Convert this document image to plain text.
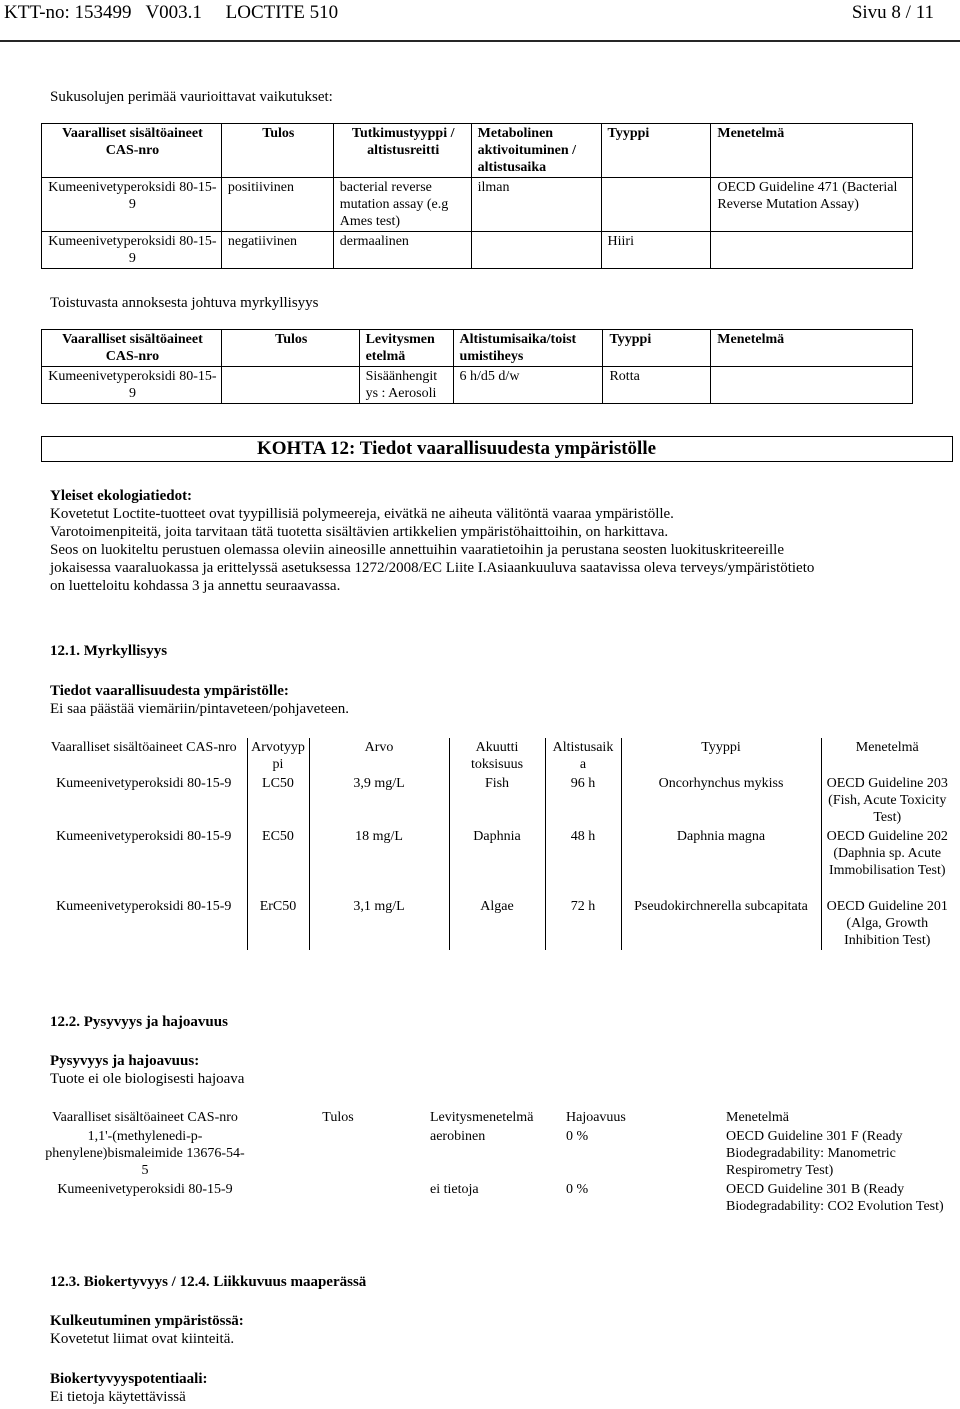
KTT-no: 153499   V003.1     LOCTITE 510	Sivu 8 / 11
Sukusolujen perimää vaurioittavat vaikutukset:
Vaaralliset sisältöaineet CAS-nro	Tulos	Tutkimustyyppi / altistusreitti	Metabolinen aktivoituminen / altistusaika	Tyyppi	Menetelmä
Kumeenivetyperoksidi 80-15-9	positiivinen	bacterial reverse mutation assay (e.g Ames test)	ilman		OECD Guideline 471 (Bacterial Reverse Mutation Assay)
Kumeenivetyperoksidi 80-15-9	negatiivinen	dermaalinen		Hiiri	
Toistuvasta annoksesta johtuva myrkyllisyys
Vaaralliset sisältöaineet CAS-nro	Tulos	Levitysmen etelmä	Altistumisaika/toist umistiheys	Tyyppi	Menetelmä
Kumeenivetyperoksidi 80-15-9		Sisäänhengit ys : Aerosoli	6 h/d5 d/w	Rotta	
KOHTA 12: Tiedot vaarallisuudesta ympäristölle
Yleiset ekologiatiedot:
Kovetetut Loctite-tuotteet ovat tyypillisiä polymeereja, eivätkä ne aiheuta välitöntä vaaraa ympäristölle.
Varotoimenpiteitä, joita tarvitaan tätä tuotetta sisältävien artikkelien ympäristöhaittoihin, on harkittava.
Seos on luokiteltu perustuen olemassa oleviin aineosille annettuihin vaaratietoihin ja perustana seosten luokituskriteereille
jokaisessa vaaraluokassa ja erittelyssä asetuksessa 1272/2008/EC Liite I.Asiaankuuluva saatavissa oleva terveys/ympäristötieto
on luetteloitu kohdassa 3 ja annettu seuraavassa.
12.1. Myrkyllisyys
Tiedot vaarallisuudesta ympäristölle:
Ei saa päästää viemäriin/pintaveteen/pohjaveteen.
Vaaralliset sisältöaineet CAS-nro	Arvotyyp pi	Arvo	Akuutti toksisuus	Altistusaik a	Tyyppi	Menetelmä
Kumeenivetyperoksidi 80-15-9	LC50	3,9 mg/L	Fish	96 h	Oncorhynchus mykiss	OECD Guideline 203 (Fish, Acute Toxicity Test)
Kumeenivetyperoksidi 80-15-9	EC50	18 mg/L	Daphnia	48 h	Daphnia magna	OECD Guideline 202 (Daphnia sp. Acute Immobilisation Test)
Kumeenivetyperoksidi 80-15-9	ErC50	3,1 mg/L	Algae	72 h	Pseudokirchnerella subcapitata	OECD Guideline 201 (Alga, Growth Inhibition Test)
12.2. Pysyvyys ja hajoavuus
Pysyvyys ja hajoavuus:
Tuote ei ole biologisesti hajoava
Vaaralliset sisältöaineet CAS-nro	Tulos	Levitysmenetelmä	Hajoavuus	Menetelmä
1,1'-(methylenedi-p-phenylene)bismaleimide 13676-54-5		aerobinen	0 %	OECD Guideline 301 F (Ready Biodegradability: Manometric Respirometry Test)
Kumeenivetyperoksidi 80-15-9		ei tietoja	0 %	OECD Guideline 301 B (Ready Biodegradability: CO2 Evolution Test)
12.3. Biokertyvyys / 12.4. Liikkuvuus maaperässä
Kulkeutuminen ympäristössä:
Kovetetut liimat ovat kiinteitä.
Biokertyvyyspotentiaali:
Ei tietoja käytettävissä
